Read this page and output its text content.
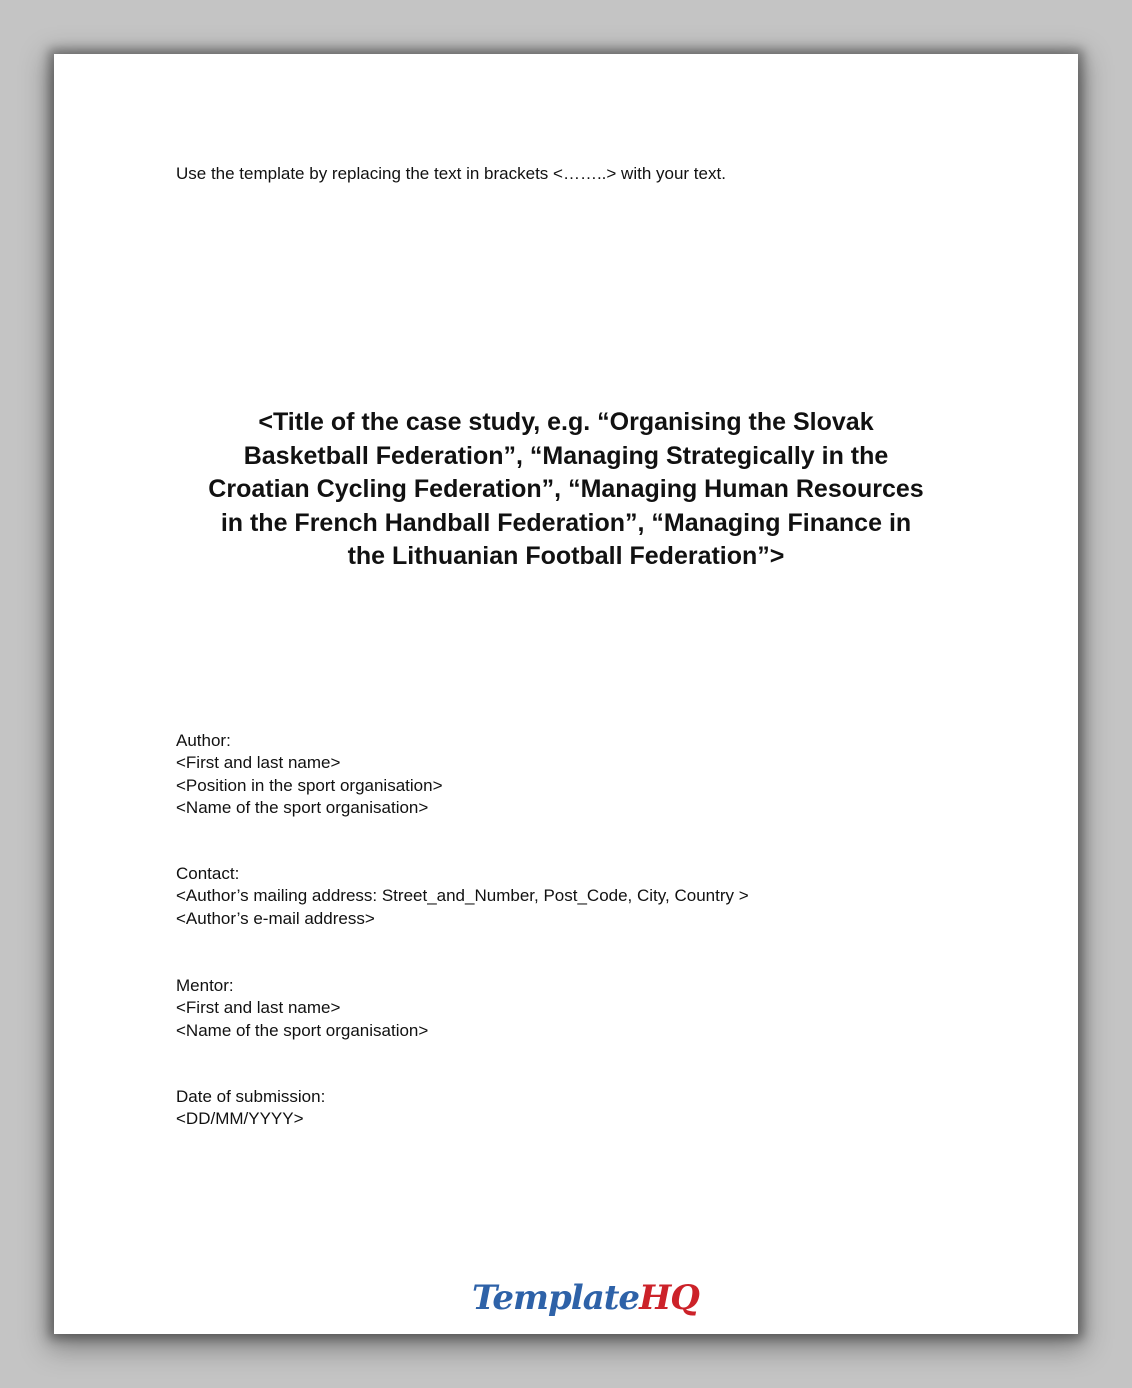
Use the template by replacing the text in brackets <……..> with your text.
<Title of the case study, e.g. “Organising the Slovak
Basketball Federation”, “Managing Strategically in the
Croatian Cycling Federation”, “Managing Human Resources
in the French Handball Federation”, “Managing Finance in
the Lithuanian Football Federation”>
Author:
<First and last name>
<Position in the sport organisation>
<Name of the sport organisation>
Contact:
<Author’s mailing address: Street_and_Number, Post_Code, City, Country >
<Author’s e-mail address>
Mentor:
<First and last name>
<Name of the sport organisation>
Date of submission:
<DD/MM/YYYY>
TemplateHQ
